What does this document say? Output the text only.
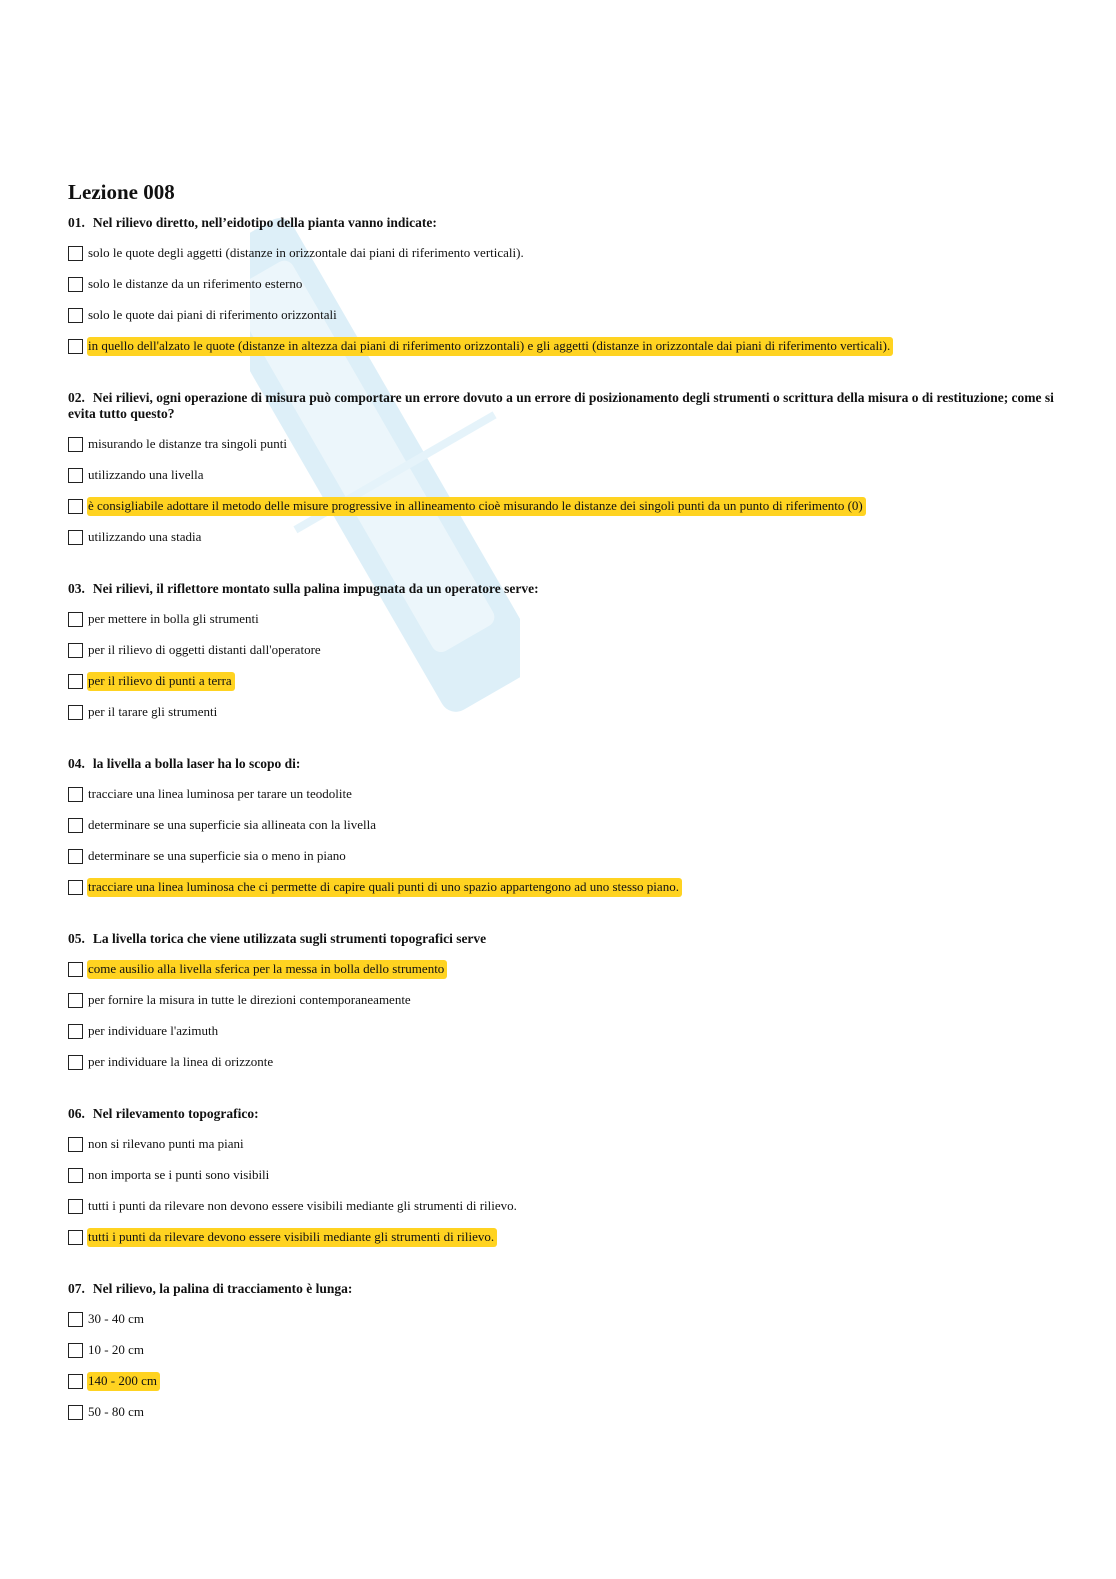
Lezione 008
01. Nel rilievo diretto, nell’eidotipo della pianta vanno indicate:
solo le quote degli aggetti (distanze in orizzontale dai piani di riferimento verticali).
solo le distanze da un riferimento esterno
solo le quote dai piani di riferimento orizzontali
in quello dell'alzato le quote (distanze in altezza dai piani di riferimento orizzontali) e gli aggetti (distanze in orizzontale dai piani di riferimento verticali).
02. Nei rilievi, ogni operazione di misura può comportare un errore dovuto a un errore di posizionamento degli strumenti o scrittura della misura o di restituzione; come si evita tutto questo?
misurando le distanze tra singoli punti
utilizzando una livella
è consigliabile adottare il metodo delle misure progressive in allineamento cioè misurando le distanze dei singoli punti da un punto di riferimento (0)
utilizzando una stadia
03. Nei rilievi, il riflettore montato sulla palina impugnata da un operatore serve:
per mettere in bolla gli strumenti
per il rilievo di oggetti distanti dall'operatore
per il rilievo di punti a terra
per il tarare gli strumenti
04. la livella a bolla laser ha lo scopo di:
tracciare una linea luminosa per tarare un teodolite
determinare se una superficie sia allineata con la livella
determinare se una superficie sia o meno in piano
tracciare una linea luminosa che ci permette di capire quali punti di uno spazio appartengono ad uno stesso piano.
05. La livella torica che viene utilizzata sugli strumenti topografici serve
come ausilio alla livella sferica per la messa in bolla dello strumento
per fornire la misura in tutte le direzioni contemporaneamente
per individuare l'azimuth
per individuare la linea di orizzonte
06. Nel rilevamento topografico:
non si rilevano punti ma piani
non importa se i punti sono visibili
tutti i punti da rilevare non devono essere visibili mediante gli strumenti di rilievo.
tutti i punti da rilevare devono essere visibili mediante gli strumenti di rilievo.
07. Nel rilievo, la palina di tracciamento è lunga:
30 - 40 cm
10 - 20 cm
140 - 200 cm
50 - 80 cm
